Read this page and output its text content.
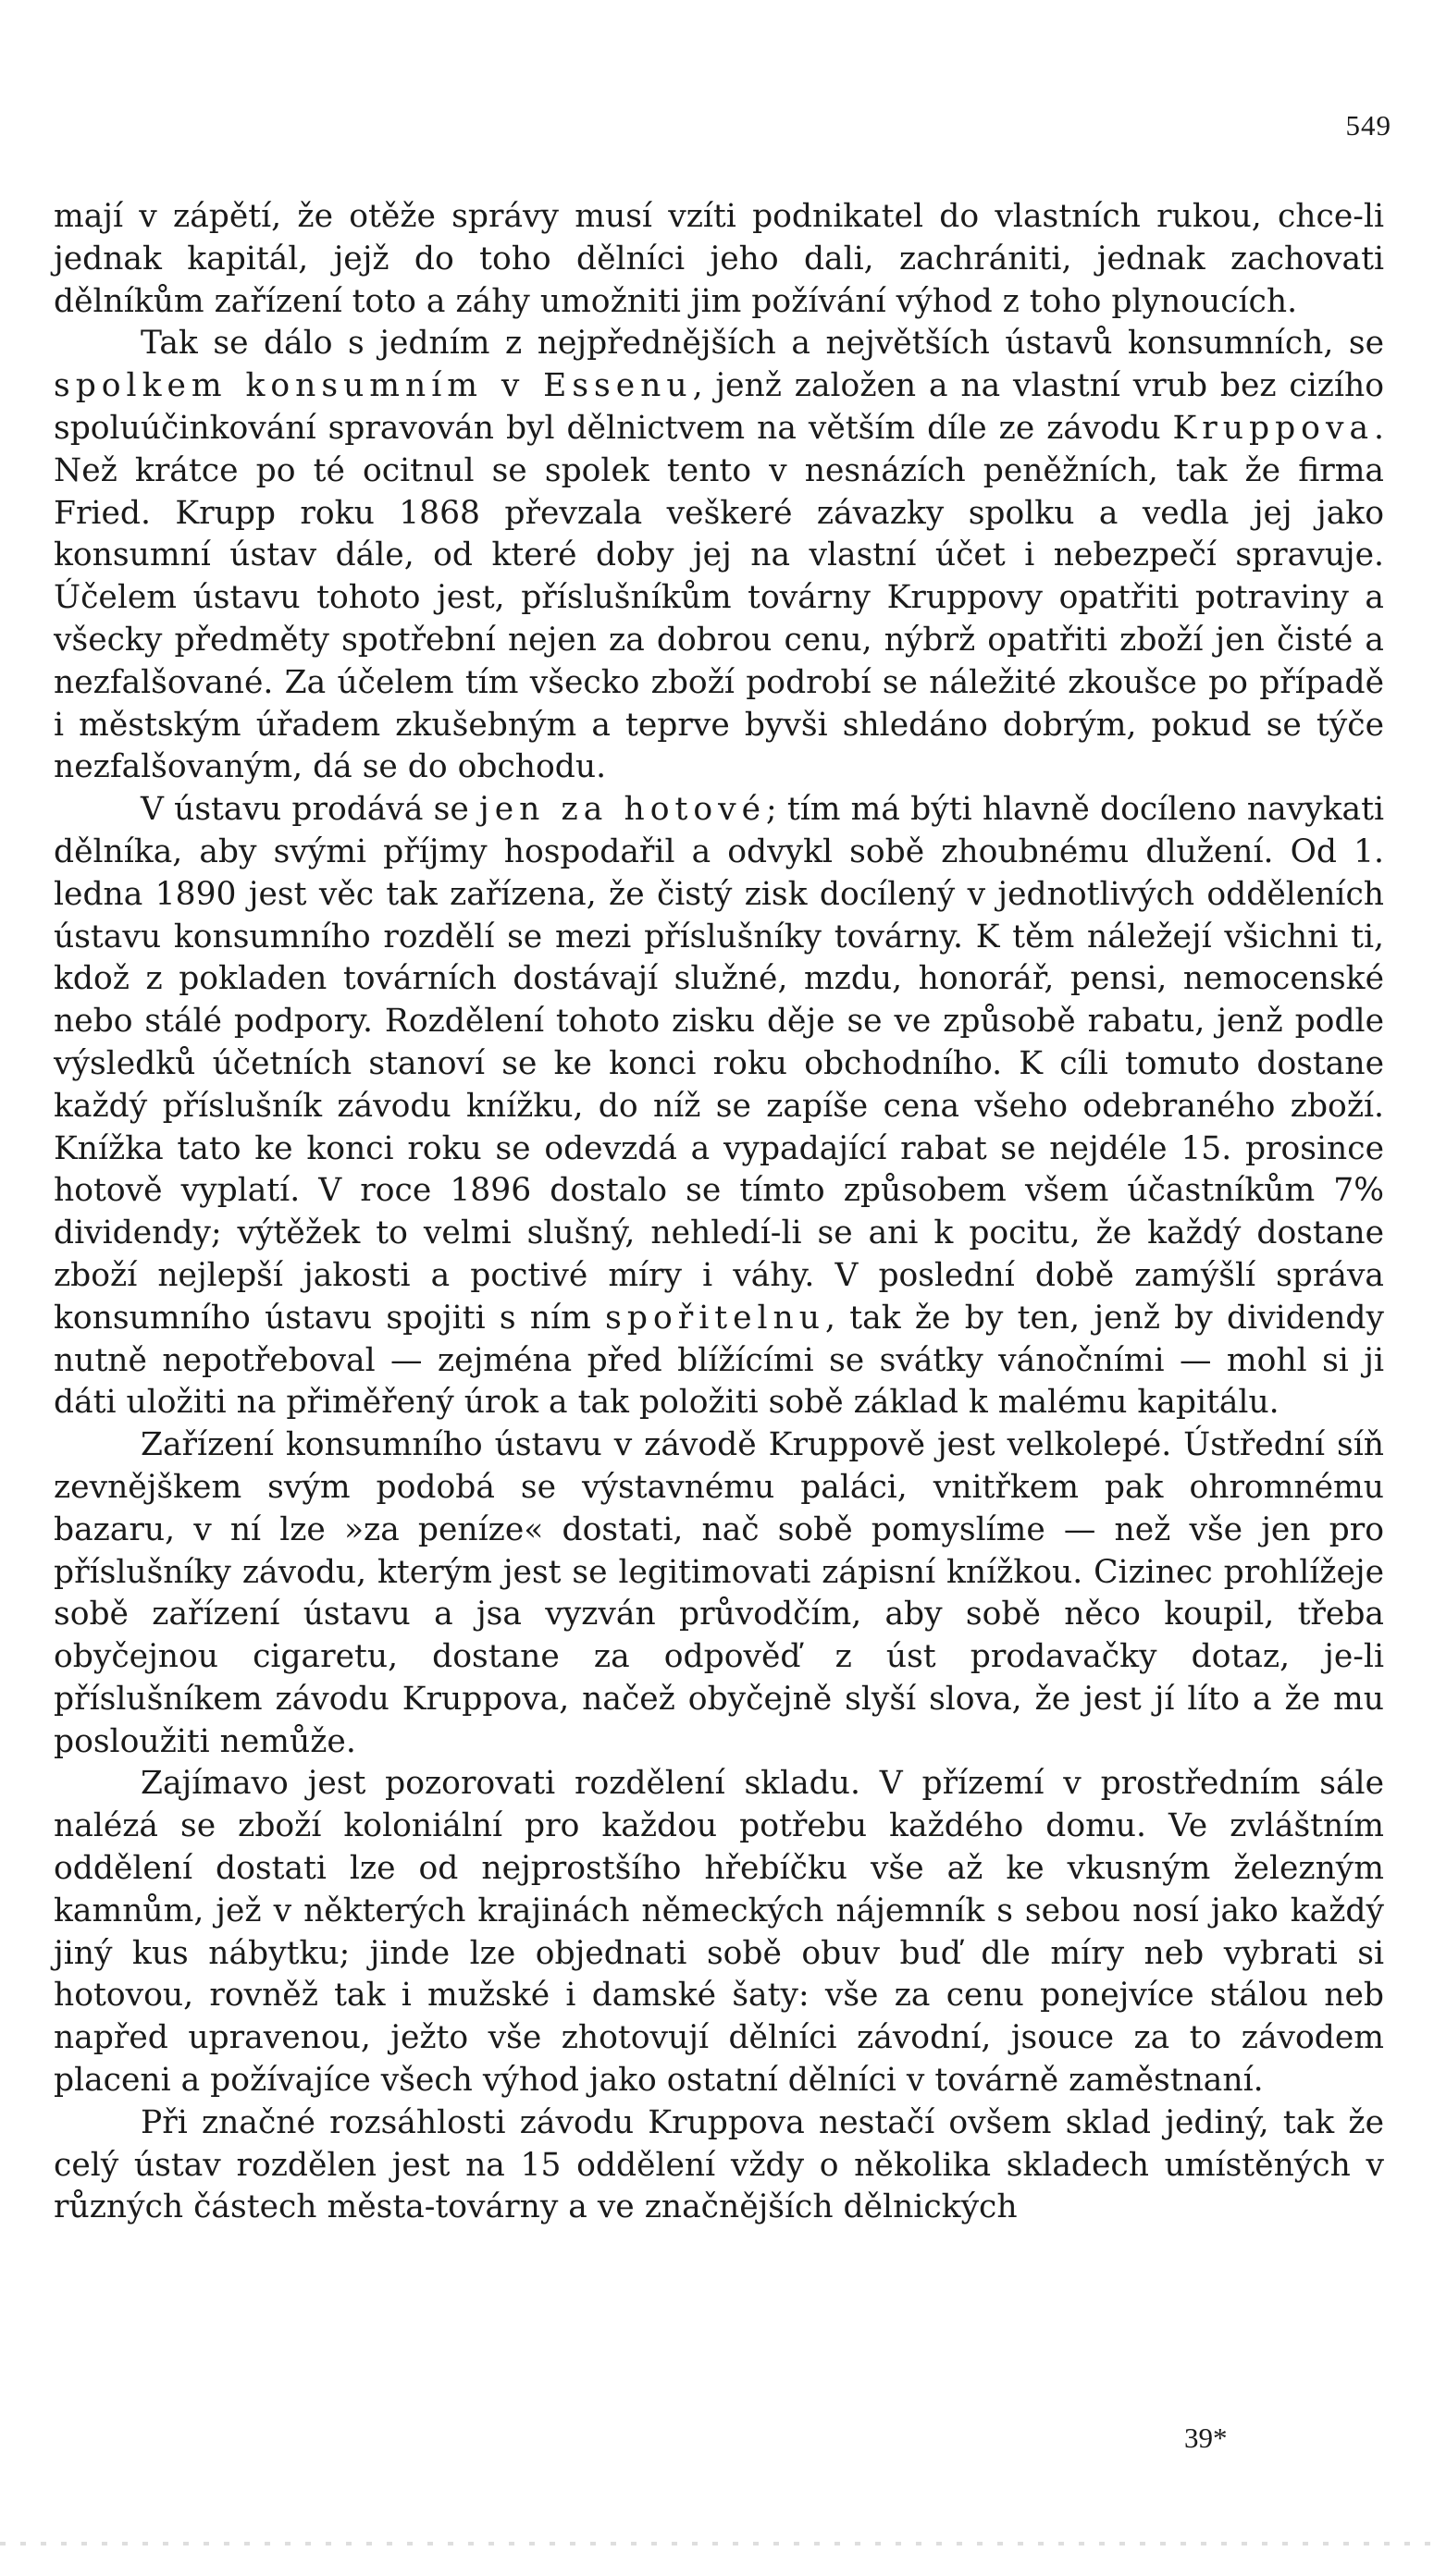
549

mají v zápětí, že otěže správy musí vzíti podnikatel do vlastních rukou, chce-li jednak kapitál, jejž do toho dělníci jeho dali, zachrániti, jednak zachovati dělníkům zařízení toto a záhy umožniti jim požívání výhod z toho plynoucích.

Tak se dálo s jedním z nejpřednějších a největších ústavů konsumních, se spolkem konsumním v Essenu, jenž založen a na vlastní vrub bez cizího spoluúčinkování spravován byl dělnictvem na větším díle ze závodu Kruppova. Než krátce po té ocitnul se spolek tento v nesnázích peněžních, tak že firma Fried. Krupp roku 1868 převzala veškeré závazky spolku a vedla jej jako konsumní ústav dále, od které doby jej na vlastní účet i nebezpečí spravuje. Účelem ústavu tohoto jest, příslušníkům továrny Kruppovy opatřiti potraviny a všecky předměty spotřební nejen za dobrou cenu, nýbrž opatřiti zboží jen čisté a nezfalšované. Za účelem tím všecko zboží podrobí se náležité zkoušce po případě i městským úřadem zkušebným a teprve byvši shledáno dobrým, pokud se týče nezfalšovaným, dá se do obchodu.

V ústavu prodává se jen za hotové; tím má býti hlavně docíleno navykati dělníka, aby svými příjmy hospodařil a odvykl sobě zhoubnému dlužení. Od 1. ledna 1890 jest věc tak zařízena, že čistý zisk docílený v jednotlivých odděleních ústavu konsumního rozdělí se mezi příslušníky továrny. K těm náležejí všichni ti, kdož z pokladen továrních dostávají služné, mzdu, honorář, pensi, nemocenské nebo stálé podpory. Rozdělení tohoto zisku děje se ve způsobě rabatu, jenž podle výsledků účetních stanoví se ke konci roku obchodního. K cíli tomuto dostane každý příslušník závodu knížku, do níž se zapíše cena všeho odebraného zboží. Knížka tato ke konci roku se odevzdá a vypadající rabat se nejdéle 15. prosince hotově vyplatí. V roce 1896 dostalo se tímto způsobem všem účastníkům 7% dividendy; výtěžek to velmi slušný, nehledí-li se ani k pocitu, že každý dostane zboží nejlepší jakosti a poctivé míry i váhy. V poslední době zamýšlí správa konsumního ústavu spojiti s ním spořitelnu, tak že by ten, jenž by dividendy nutně nepotřeboval — zejména před blížícími se svátky vánočními — mohl si ji dáti uložiti na přiměřený úrok a tak položiti sobě základ k malému kapitálu.

Zařízení konsumního ústavu v závodě Kruppově jest velkolepé. Ústřední síň zevnějškem svým podobá se výstavnému paláci, vnitřkem pak ohromnému bazaru, v ní lze »za peníze« dostati, nač sobě pomyslíme — než vše jen pro příslušníky závodu, kterým jest se legitimovati zápisní knížkou. Cizinec prohlížeje sobě zařízení ústavu a jsa vyzván průvodčím, aby sobě něco koupil, třeba obyčejnou cigaretu, dostane za odpověď z úst prodavačky dotaz, je-li příslušníkem závodu Kruppova, načež obyčejně slyší slova, že jest jí líto a že mu posloužiti nemůže.

Zajímavo jest pozorovati rozdělení skladu. V přízemí v prostředním sále nalézá se zboží koloniální pro každou potřebu každého domu. Ve zvláštním oddělení dostati lze od nejprostšího hřebíčku vše až ke vkusným železným kamnům, jež v některých krajinách německých nájemník s sebou nosí jako každý jiný kus nábytku; jinde lze objednati sobě obuv buď dle míry neb vybrati si hotovou, rovněž tak i mužské i damské šaty: vše za cenu ponejvíce stálou neb napřed upravenou, ježto vše zhotovují dělníci závodní, jsouce za to závodem placeni a požívajíce všech výhod jako ostatní dělníci v továrně zaměstnaní.

Při značné rozsáhlosti závodu Kruppova nestačí ovšem sklad jediný, tak že celý ústav rozdělen jest na 15 oddělení vždy o několika skladech umístěných v různých částech města-továrny a ve značnějších dělnických

39*
